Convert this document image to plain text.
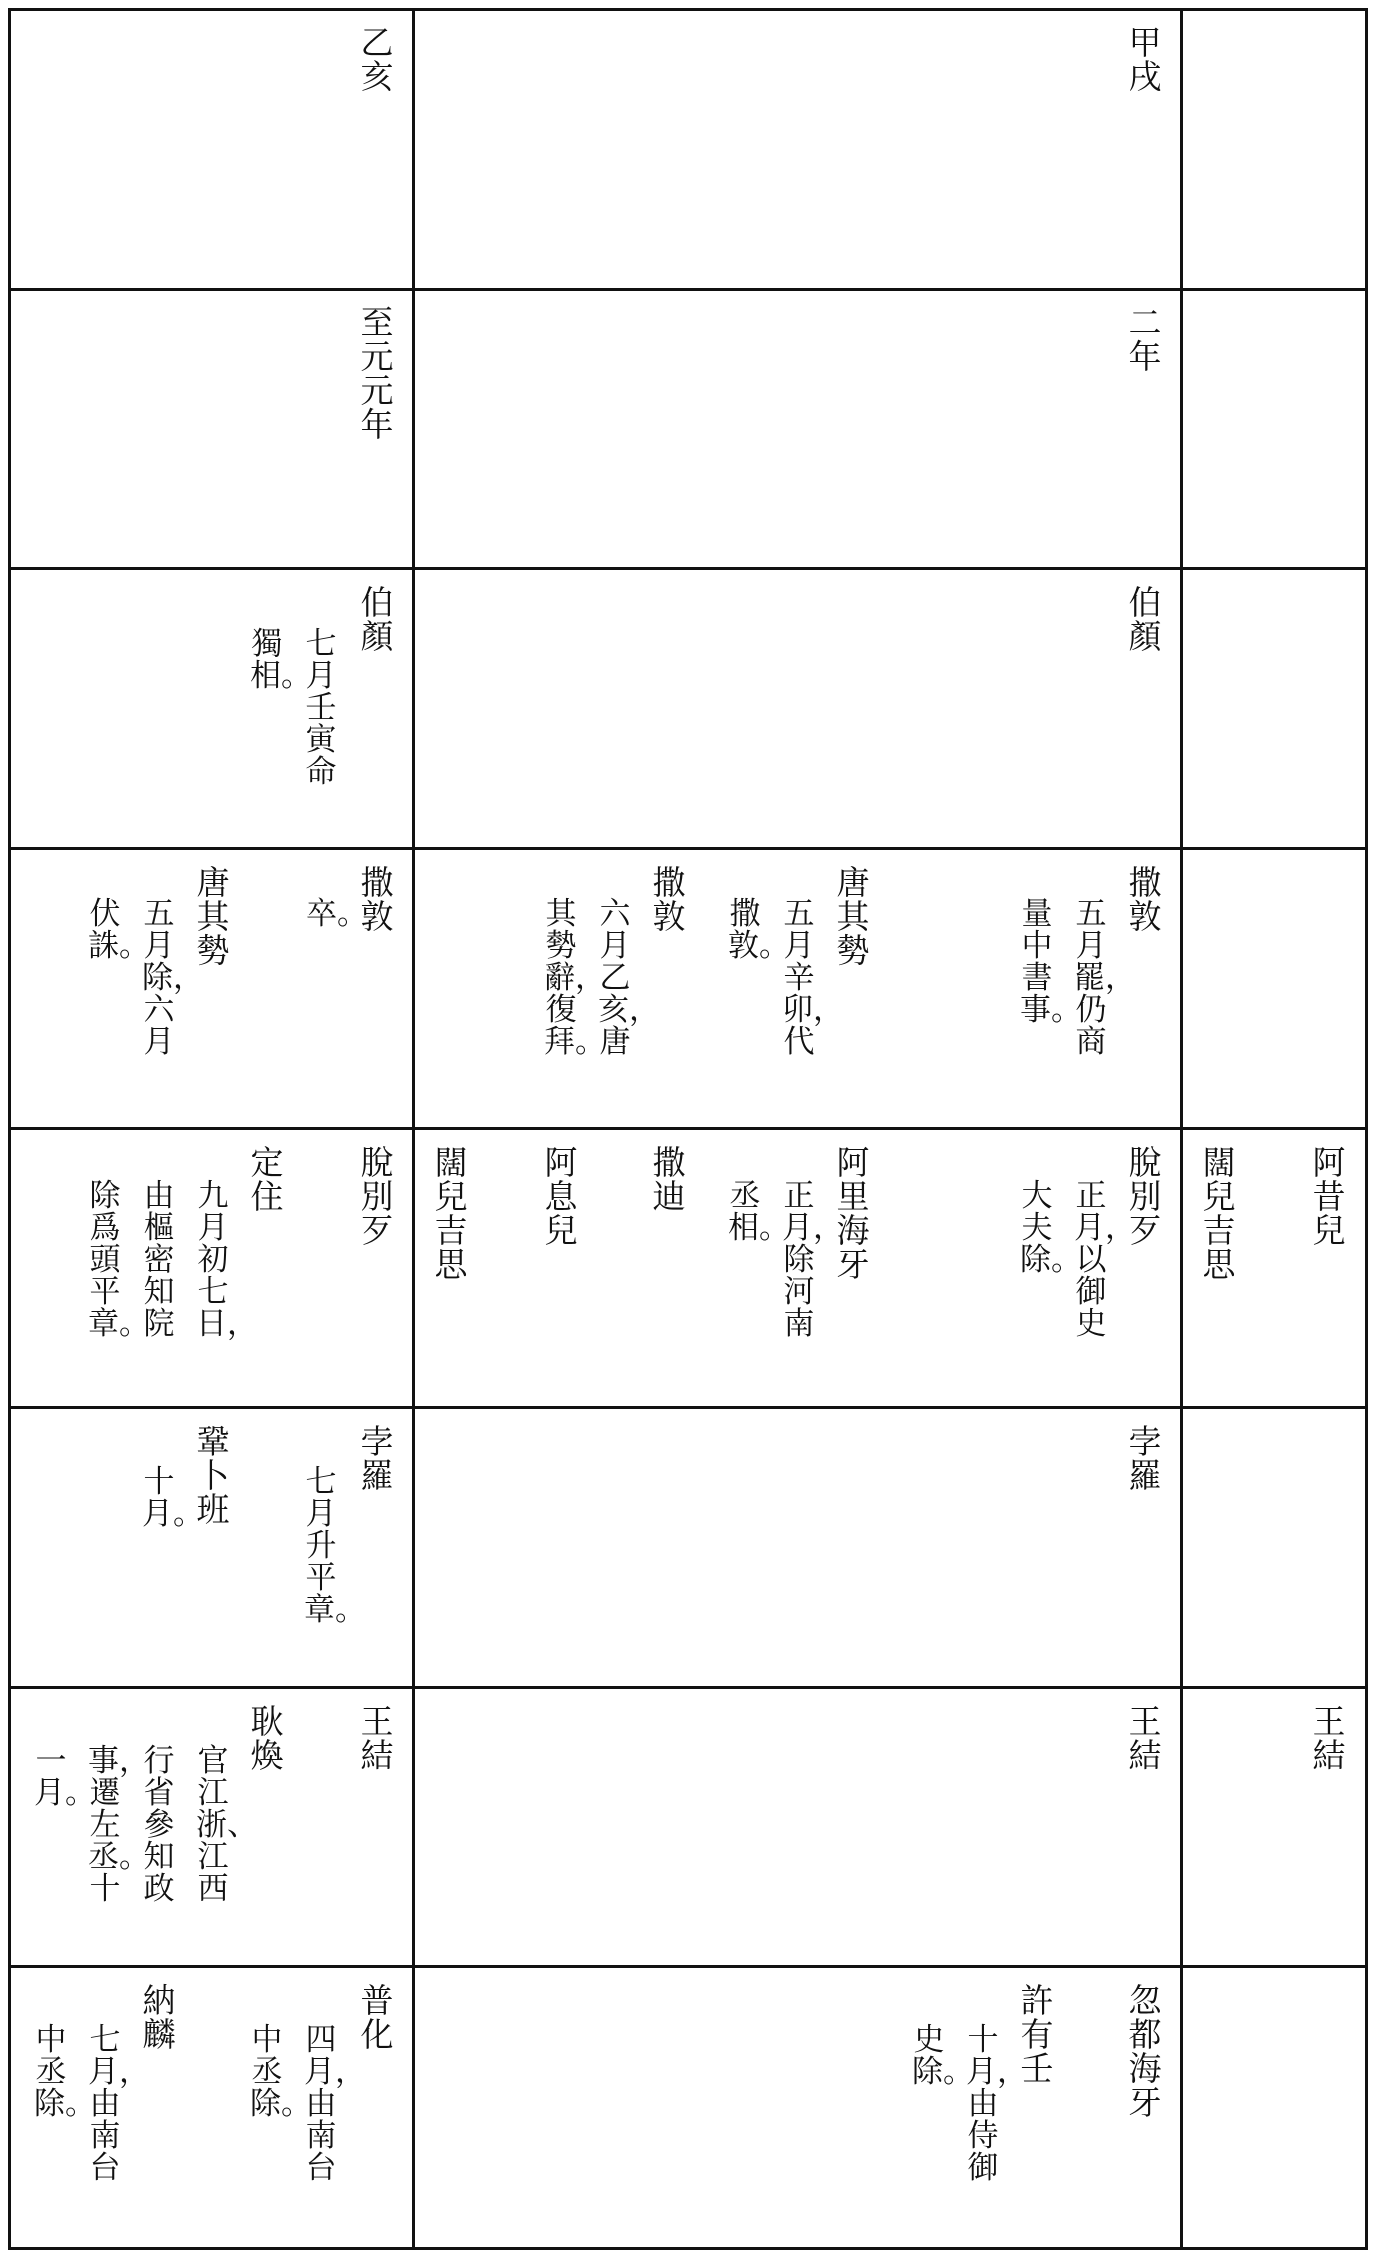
乙亥
甲戌
至元元年
二年
伯顏
七月壬寅命
獨相。
伯顏
撒敦
卒。
唐其勢
五月除，六月
伏誅。
撒敦
六月乙亥，唐
其勢辭，復拜。
撒敦
五月罷，仍商
量中書事。
唐其勢
五月辛卯，代
撒敦。
脫別歹
定住
九月初七日，
由樞密知院
除爲頭平章。
撒迪
阿息兒
闊兒吉思
脫別歹
正月，以御史
大夫除。
阿里海牙
正月，除河南
丞相。
阿昔兒
闊兒吉思
孛羅
七月升平章。
鞏卜班
十月。
孛羅
王結
耿煥
官江浙、江西
行省參知政
事，遷左丞。十
一月。
王結
王結
普化
四月，由南台
中丞除。
納麟
七月，由南台
中丞除。
忽都海牙
許有壬
十月，由侍御
史除。
